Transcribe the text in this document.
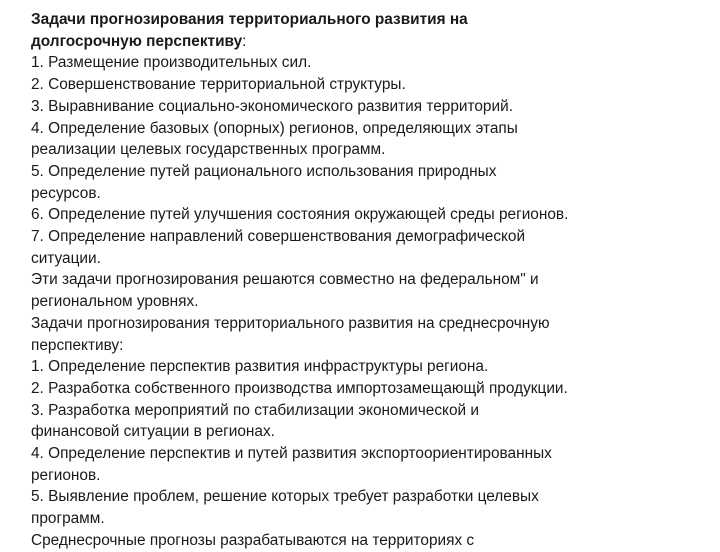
Задачи прогнозирования территориального развития на
долгосрочную перспективу:
1. Размещение производительных сил.
2. Совершенствование территориальной структуры.
3. Выравнивание социально-экономического развития территорий.
4. Определение базовых (опорных) регионов, определяющих этапы
реализации целевых государственных программ.
5. Определение путей рационального использования природных
ресурсов.
6. Определение путей улучшения состояния окружающей среды регионов.
7. Определение направлений совершенствования демографической
ситуации.
Эти задачи прогнозирования решаются совместно на федеральном" и
региональном уровнях.
Задачи прогнозирования территориального развития на среднесрочную
перспективу:
1. Определение перспектив развития инфраструктуры региона.
2. Разработка собственного производства импортозамещающй продукции.
3. Разработка мероприятий по стабилизации экономической и
финансовой ситуации в регионах.
4. Определение перспектив и путей развития экспортоориентированных
регионов.
5. Выявление проблем, решение которых требует разработки целевых
программ.
Среднесрочные прогнозы разрабатываются на территориях с
